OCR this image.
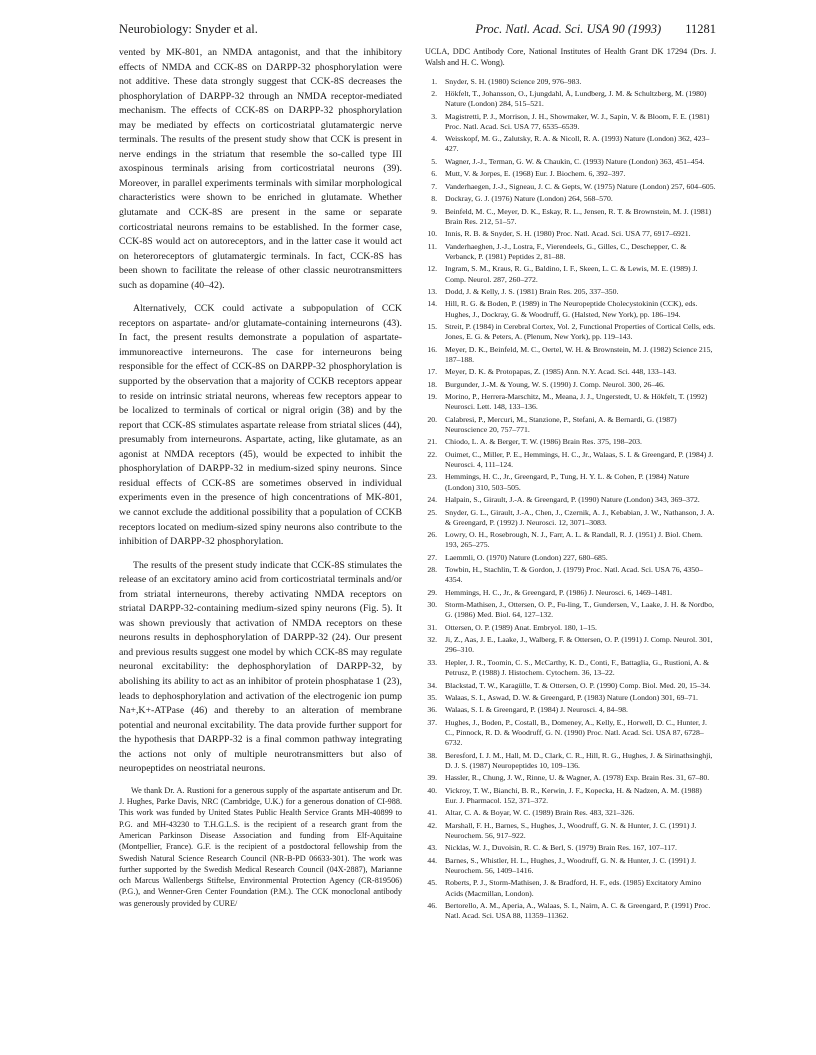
Neurobiology: Snyder et al.	Proc. Natl. Acad. Sci. USA 90 (1993) 11281

vented by MK-801, an NMDA antagonist, and that the inhibitory effects of NMDA and CCK-8S on DARPP-32 phosphorylation were not additive. These data strongly suggest that CCK-8S decreases the phosphorylation of DARPP-32 through an NMDA receptor-mediated mechanism. The effects of CCK-8S on DARPP-32 phosphorylation may be mediated by effects on corticostriatal glutamatergic nerve terminals. The results of the present study show that CCK is present in nerve endings in the striatum that resemble the so-called type III axospinous terminals arising from corticostriatal neurons (39). Moreover, in parallel experiments terminals with similar morphological characteristics were shown to be enriched in glutamate. Whether glutamate and CCK-8S are present in the same or separate corticostriatal neurons remains to be established. In the former case, CCK-8S would act on autoreceptors, and in the latter case it would act on heteroreceptors of glutamatergic terminals. In fact, CCK-8S has been shown to facilitate the release of other classic neurotransmitters such as dopamine (40–42).

Alternatively, CCK could activate a subpopulation of CCK receptors on aspartate- and/or glutamate-containing interneurons (43). In fact, the present results demonstrate a population of aspartate-immunoreactive interneurons. The case for interneurons being responsible for the effect of CCK-8S on DARPP-32 phosphorylation is supported by the observation that a majority of CCKB receptors appear to reside on intrinsic striatal neurons, whereas few receptors appear to be localized to terminals of cortical or nigral origin (38) and by the report that CCK-8S stimulates aspartate release from striatal slices (44), presumably from interneurons. Aspartate, acting, like glutamate, as an agonist at NMDA receptors (45), would be expected to inhibit the phosphorylation of DARPP-32 in medium-sized spiny neurons. Since residual effects of CCK-8S are sometimes observed in individual experiments even in the presence of high concentrations of MK-801, we cannot exclude the additional possibility that a population of CCKB receptors located on medium-sized spiny neurons also contribute to the inhibition of DARPP-32 phosphorylation.

The results of the present study indicate that CCK-8S stimulates the release of an excitatory amino acid from corticostriatal terminals and/or from striatal interneurons, thereby activating NMDA receptors on striatal DARPP-32-containing medium-sized spiny neurons (Fig. 5). It was shown previously that activation of NMDA receptors on these neurons results in dephosphorylation of DARPP-32 (24). Our present and previous results suggest one model by which CCK-8S may regulate neuronal excitability: the dephosphorylation of DARPP-32, by abolishing its ability to act as an inhibitor of protein phosphatase 1 (23), leads to dephosphorylation and activation of the electrogenic ion pump Na+,K+-ATPase (46) and thereby to an alteration of membrane potential and neuronal excitability. The data provide further support for the hypothesis that DARPP-32 is a final common pathway integrating the actions not only of multiple neurotransmitters but also of neuropeptides on neostriatal neurons.

We thank Dr. A. Rustioni for a generous supply of the aspartate antiserum and Dr. J. Hughes, Parke Davis, NRC (Cambridge, U.K.) for a generous donation of CI-988. This work was funded by United States Public Health Service Grants MH-40899 to P.G. and MH-43230 to T.H.G.L.S. is the recipient of a research grant from the American Parkinson Disease Association and funding from Elf-Aquitaine (Montpellier, France). G.F. is the recipient of a postdoctoral fellowship from the Swedish Natural Science Research Council (NR-B-PD 06633-301). The work was further supported by the Swedish Medical Research Council (04X-2887), Marianne och Marcus Wallenbergs Stiftelse, Environmental Protection Agency (CR-819506) (P.G.), and Wenner-Gren Center Foundation (P.M.). The CCK monoclonal antibody was generously provided by CURE/

UCLA, DDC Antibody Core, National Institutes of Health Grant DK 17294 (Drs. J. Walsh and H. C. Wong).

1. Snyder, S. H. (1980) Science 209, 976–983.
2. Hökfelt, T., Johansson, O., Ljungdahl, Å, Lundberg, J. M. & Schultzberg, M. (1980) Nature (London) 284, 515–521.
3. Magistretti, P. J., Morrison, J. H., Showmaker, W. J., Sapin, V. & Bloom, F. E. (1981) Proc. Natl. Acad. Sci. USA 77, 6535–6539.
4. Weisskopf, M. G., Zalutsky, R. A. & Nicoll, R. A. (1993) Nature (London) 362, 423–427.
5. Wagner, J.-J., Terman, G. W. & Chaukin, C. (1993) Nature (London) 363, 451–454.
6. Mutt, V. & Jorpes, E. (1968) Eur. J. Biochem. 6, 392–397.
7. Vanderhaegen, J.-J., Signeau, J. C. & Gepts, W. (1975) Nature (London) 257, 604–605.
8. Dockray, G. J. (1976) Nature (London) 264, 568–570.
9. Beinfeld, M. C., Meyer, D. K., Eskay, R. L., Jensen, R. T. & Brownstein, M. J. (1981) Brain Res. 212, 51–57.
10. Innis, R. B. & Snyder, S. H. (1980) Proc. Natl. Acad. Sci. USA 77, 6917–6921.
11. Vanderhaeghen, J.-J., Lostra, F., Vierendeels, G., Gilles, C., Deschepper, C. & Verbanck, P. (1981) Peptides 2, 81–88.
12. Ingram, S. M., Kraus, R. G., Baldino, I. F., Skeen, L. C. & Lewis, M. E. (1989) J. Comp. Neurol. 287, 260–272.
13. Dodd, J. & Kelly, J. S. (1981) Brain Res. 205, 337–350.
14. Hill, R. G. & Boden, P. (1989) in The Neuropeptide Cholecystokinin (CCK), eds. Hughes, J., Dockray, G. & Woodruff, G. (Halsted, New York), pp. 186–194.
15. Streit, P. (1984) in Cerebral Cortex, Vol. 2, Functional Properties of Cortical Cells, eds. Jones, E. G. & Peters, A. (Plenum, New York), pp. 119–143.
16. Meyer, D. K., Beinfeld, M. C., Oertel, W. H. & Brownstein, M. J. (1982) Science 215, 187–188.
17. Meyer, D. K. & Protopapas, Z. (1985) Ann. N.Y. Acad. Sci. 448, 133–143.
18. Burgunder, J.-M. & Young, W. S. (1990) J. Comp. Neurol. 300, 26–46.
19. Morino, P., Herrera-Marschitz, M., Meana, J. J., Ungerstedt, U. & Hökfelt, T. (1992) Neurosci. Lett. 148, 133–136.
20. Calabresi, P., Mercuri, M., Stanzione, P., Stefani, A. & Bernardi, G. (1987) Neuroscience 20, 757–771.
21. Chiodo, L. A. & Berger, T. W. (1986) Brain Res. 375, 198–203.
22. Ouimet, C., Miller, P. E., Hemmings, H. C., Jr., Walaas, S. I. & Greengard, P. (1984) J. Neurosci. 4, 111–124.
23. Hemmings, H. C., Jr., Greengard, P., Tung, H. Y. L. & Cohen, P. (1984) Nature (London) 310, 503–505.
24. Halpain, S., Girault, J.-A. & Greengard, P. (1990) Nature (London) 343, 369–372.
25. Snyder, G. L., Girault, J.-A., Chen, J., Czernik, A. J., Kebabian, J. W., Nathanson, J. A. & Greengard, P. (1992) J. Neurosci. 12, 3071–3083.
26. Lowry, O. H., Rosebrough, N. J., Farr, A. L. & Randall, R. J. (1951) J. Biol. Chem. 193, 265–275.
27. Laemmli, O. (1970) Nature (London) 227, 680–685.
28. Towbin, H., Stachlin, T. & Gordon, J. (1979) Proc. Natl. Acad. Sci. USA 76, 4350–4354.
29. Hemmings, H. C., Jr., & Greengard, P. (1986) J. Neurosci. 6, 1469–1481.
30. Storm-Mathisen, J., Ottersen, O. P., Fu-ling, T., Gundersen, V., Laake, J. H. & Nordbo, G. (1986) Med. Biol. 64, 127–132.
31. Ottersen, O. P. (1989) Anat. Embryol. 180, 1–15.
32. Ji, Z., Aas, J. E., Laake, J., Walberg, F. & Ottersen, O. P. (1991) J. Comp. Neurol. 301, 296–310.
33. Hepler, J. R., Toomin, C. S., McCarthy, K. D., Conti, F., Battaglia, G., Rustioni, A. & Petrusz, P. (1988) J. Histochem. Cytochem. 36, 13–22.
34. Blackstad, T. W., Karagülle, T. & Ottersen, O. P. (1990) Comp. Biol. Med. 20, 15–34.
35. Walaas, S. I., Aswad, D. W. & Greengard, P. (1983) Nature (London) 301, 69–71.
36. Walaas, S. I. & Greengard, P. (1984) J. Neurosci. 4, 84–98.
37. Hughes, J., Boden, P., Costall, B., Domeney, A., Kelly, E., Horwell, D. C., Hunter, J. C., Pinnock, R. D. & Woodruff, G. N. (1990) Proc. Natl. Acad. Sci. USA 87, 6728–6732.
38. Beresford, I. J. M., Hall, M. D., Clark, C. R., Hill, R. G., Hughes, J. & Sirinathsinghji, D. J. S. (1987) Neuropeptides 10, 109–136.
39. Hassler, R., Chung, J. W., Rinne, U. & Wagner, A. (1978) Exp. Brain Res. 31, 67–80.
40. Vickroy, T. W., Bianchi, B. R., Kerwin, J. F., Kopecka, H. & Nadzen, A. M. (1988) Eur. J. Pharmacol. 152, 371–372.
41. Altar, C. A. & Boyar, W. C. (1989) Brain Res. 483, 321–326.
42. Marshall, F. H., Barnes, S., Hughes, J., Woodruff, G. N. & Hunter, J. C. (1991) J. Neurochem. 56, 917–922.
43. Nicklas, W. J., Duvoisin, R. C. & Berl, S. (1979) Brain Res. 167, 107–117.
44. Barnes, S., Whistler, H. L., Hughes, J., Woodruff, G. N. & Hunter, J. C. (1991) J. Neurochem. 56, 1409–1416.
45. Roberts, P. J., Storm-Mathisen, J. & Bradford, H. F., eds. (1985) Excitatory Amino Acids (Macmillan, London).
46. Bertorello, A. M., Aperia, A., Walaas, S. I., Nairn, A. C. & Greengard, P. (1991) Proc. Natl. Acad. Sci. USA 88, 11359–11362.
